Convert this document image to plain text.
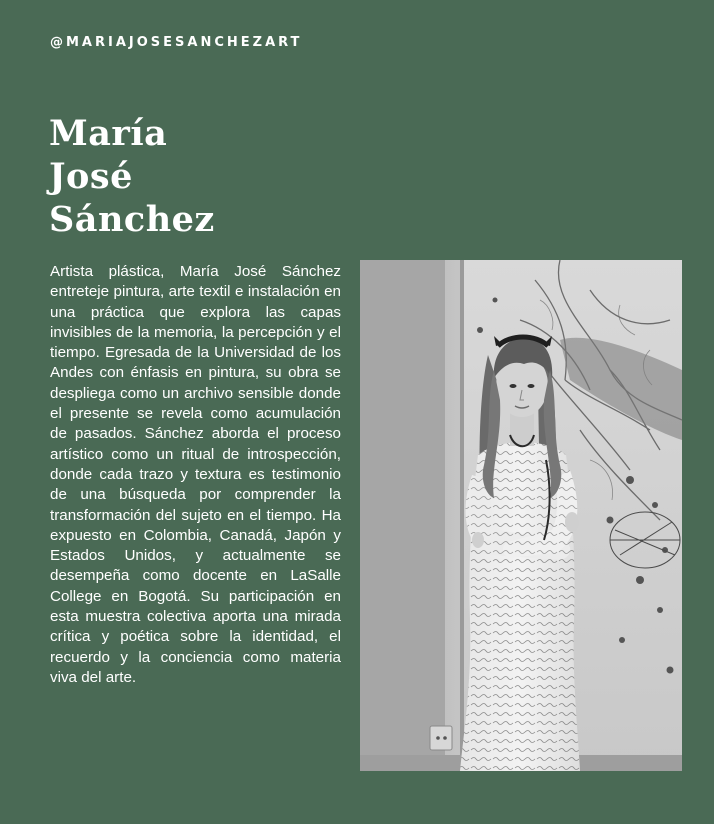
@MARIAJOSESANCHEZART
María
José
Sánchez
Artista plástica, María José Sánchez entreteje pintura, arte textil e instalación en una práctica que explora las capas invisibles de la memoria, la percepción y el tiempo. Egresada de la Universidad de los Andes con énfasis en pintura, su obra se despliega como un archivo sensible donde el presente se revela como acumulación de pasados. Sánchez aborda el proceso artístico como un ritual de introspección, donde cada trazo y textura es testimonio de una búsqueda por comprender la transformación del sujeto en el tiempo. Ha expuesto en Colombia, Canadá, Japón y Estados Unidos, y actualmente se desempeña como docente en LaSalle College en Bogotá. Su participación en esta muestra colectiva aporta una mirada crítica y poética sobre la identidad, el recuerdo y la conciencia como materia viva del arte.
